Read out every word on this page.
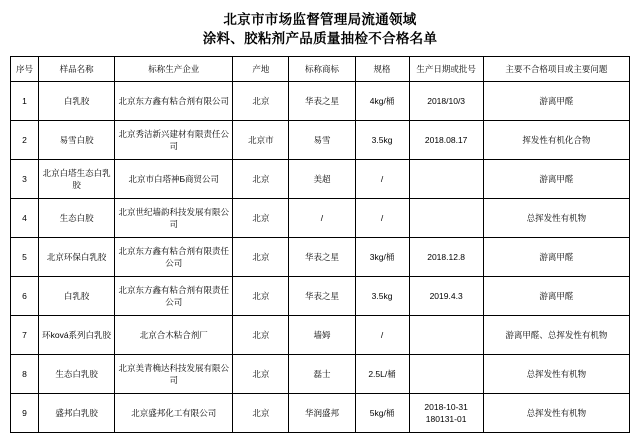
北京市市场监督管理局流通领域
涂料、胶粘剂产品质量抽检不合格名单
序号	样品名称	标称生产企业	产地	标称商标	规格	生产日期或批号	主要不合格项目或主要问题
1	白乳胶	北京东方鑫有粘合剂有限公司	北京	华表之星	4kg/桶	2018/10/3	游离甲醛
2	易雪白胶	北京秀洁新兴建材有限责任公司	北京市	易雪	3.5kg	2018.08.17	挥发性有机化合物
3	北京白塔生态白乳胶	北京市白塔神Б商贸公司	北京	美超	/		游离甲醛
4	生态白胶	北京世纪墙韵科技发展有限公司	北京	/	/		总挥发性有机物
5	北京环保白乳胶	北京东方鑫有粘合剂有限责任公司	北京	华表之星	3kg/桶	2018.12.8	游离甲醛
6	白乳胶	北京东方鑫有粘合剂有限责任公司	北京	华表之星	3.5kg	2019.4.3	游离甲醛
7	环ková系列白乳胶	北京合木粘合剂厂	北京	墙姆	/		游离甲醛、总挥发性有机物
8	生态白乳胶	北京美青桷达科技发展有限公司	北京	磊士	2.5L/桶		总挥发性有机物
9	盛邦白乳胶	北京盛邦化工有限公司	北京	华润盛邦	5kg/桶	2018-10-31 180131-01	总挥发性有机物
